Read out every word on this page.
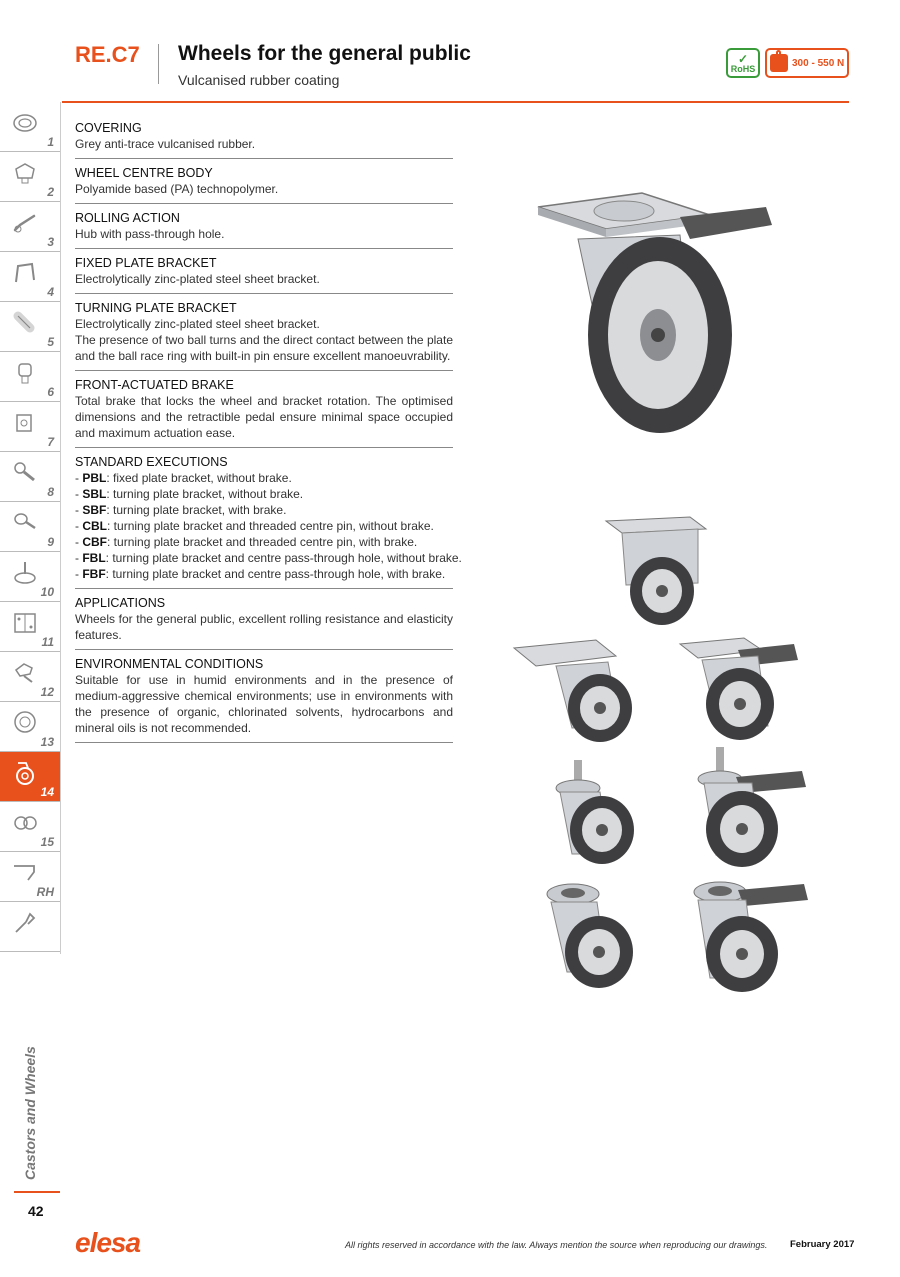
RE.C7 Wheels for the general public
Vulcanised rubber coating
✓
RoHS
300 - 550 N
1
2
3
4
5
6
7
8
9
10
11
12
13
14
15
RH
Castors and Wheels
42
COVERING
Grey anti-trace vulcanised rubber.
WHEEL CENTRE BODY
Polyamide based (PA) technopolymer.
ROLLING ACTION
Hub with pass-through hole.
FIXED PLATE BRACKET
Electrolytically zinc-plated steel sheet bracket.
TURNING PLATE BRACKET
Electrolytically zinc-plated steel sheet bracket.
The presence of two ball turns and the direct contact between the plate and the ball race ring with built-in pin ensure excellent manoeuvrability.
FRONT-ACTUATED BRAKE
Total brake that locks the wheel and bracket rotation. The optimised dimensions and the retractible pedal ensure minimal space occupied and maximum actuation ease.
STANDARD EXECUTIONS
- PBL: fixed plate bracket, without brake.
- SBL: turning plate bracket, without brake.
- SBF: turning plate bracket, with brake.
- CBL: turning plate bracket and threaded centre pin, without brake.
- CBF: turning plate bracket and threaded centre pin, with brake.
- FBL: turning plate bracket and centre pass-through hole, without brake.
- FBF: turning plate bracket and centre pass-through hole, with brake.
APPLICATIONS
Wheels for the general public, excellent rolling resistance and elasticity features.
ENVIRONMENTAL CONDITIONS
Suitable for use in humid environments and in the presence of medium-aggressive chemical environments; use in environments with the presence of organic, chlorinated solvents, hydrocarbons and mineral oils is not recommended.
elesa	All rights reserved in accordance with the law. Always mention the source when reproducing our drawings. February 2017
